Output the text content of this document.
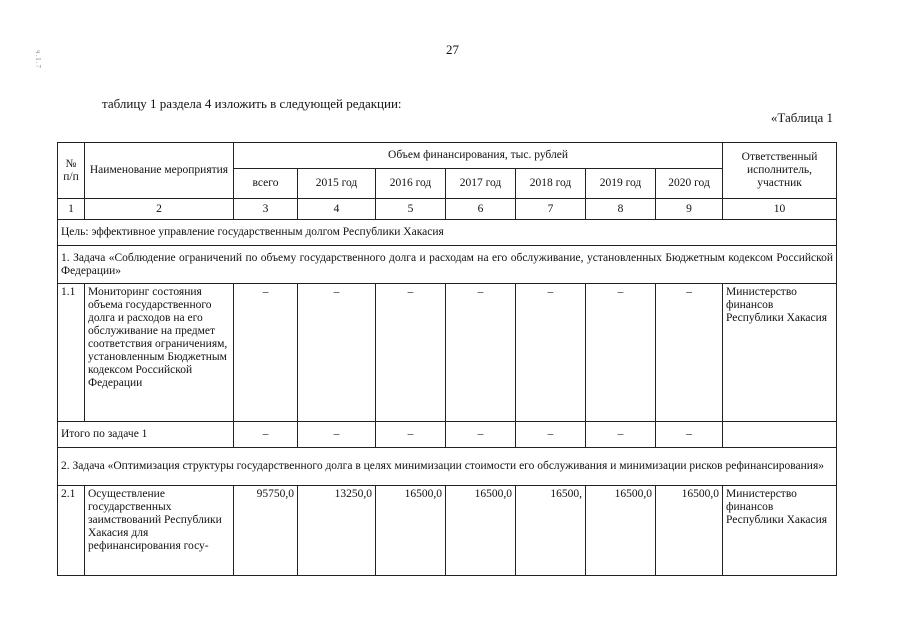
27
ч.1.7
таблицу 1 раздела 4 изложить в следующей редакции:
«Таблица 1
№ п/п	Наименование мероприятия	Объем финансирования, тыс. рублей							Ответственный исполнитель, участник
		всего	2015 год	2016 год	2017 год	2018 год	2019 год	2020 год	
1	2	3	4	5	6	7	8	9	10
Цель: эффективное управление государственным долгом Республики Хакасия									
1. Задача «Соблюдение ограничений по объему государственного долга и расходам на его обслуживание, установленных Бюджетным кодексом Российской Федерации»									
1.1	Мониторинг состояния объема государственного долга и расходов на его обслуживание на предмет соответствия ограничениям, установленным Бюджетным кодексом Российской Федерации	–	–	–	–	–	–	–	Министерство финансов Республики Хакасия
Итого по задаче 1		–	–	–	–	–	–	–	
2. Задача «Оптимизация структуры государственного долга в целях минимизации стоимости его обслуживания и минимизации рисков рефинансирования»									
2.1	Осуществление государственных заимствований Республики Хакасия для рефинансирования госу-	95750,0	13250,0	16500,0	16500,0	16500,	16500,0	16500,0	Министерство финансов Республики Хакасия
